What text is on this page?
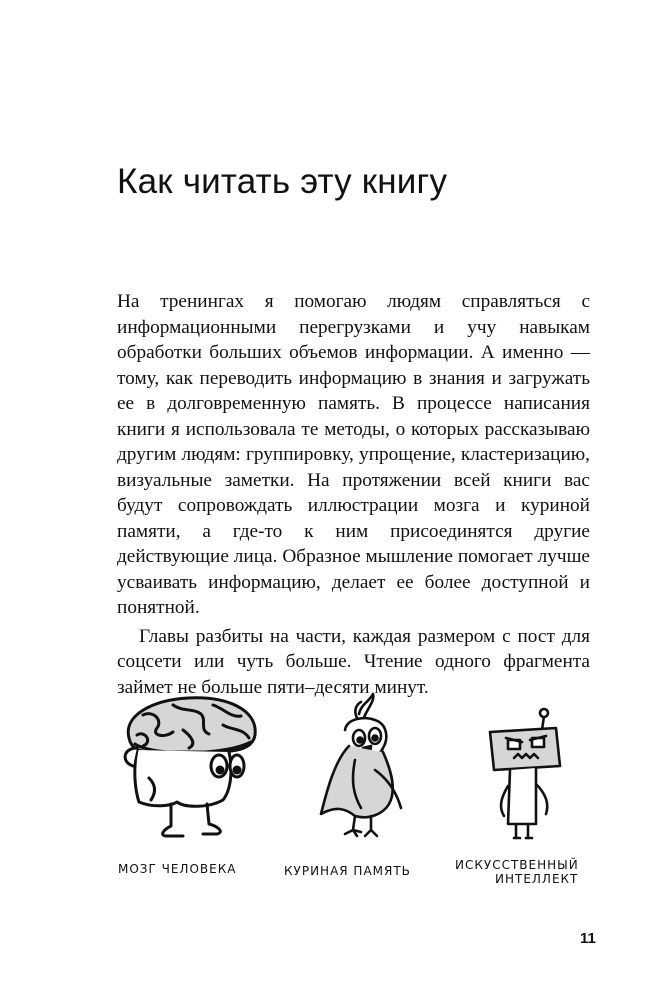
Как читать эту книгу

На тренингах я помогаю людям справляться с информационными перегрузками и учу навыкам обработки больших объемов информации. А именно — тому, как переводить информацию в знания и загружать ее в долговременную память. В процессе написания книги я использовала те методы, о которых рассказываю другим людям: группировку, упрощение, кластеризацию, визуальные заметки. На протяжении всей книги вас будут сопровождать иллюстрации мозга и куриной памяти, а где-то к ним присоединятся другие действующие лица. Образное мышление помогает лучше усваивать информацию, делает ее более доступной и понятной.

Главы разбиты на части, каждая размером с пост для соцсети или чуть больше. Чтение одного фрагмента займет не больше пяти–десяти минут.

МОЗГ ЧЕЛОВЕКА	КУРИНАЯ ПАМЯТЬ	ИСКУССТВЕННЫЙ
ИНТЕЛЛЕКТ
11
